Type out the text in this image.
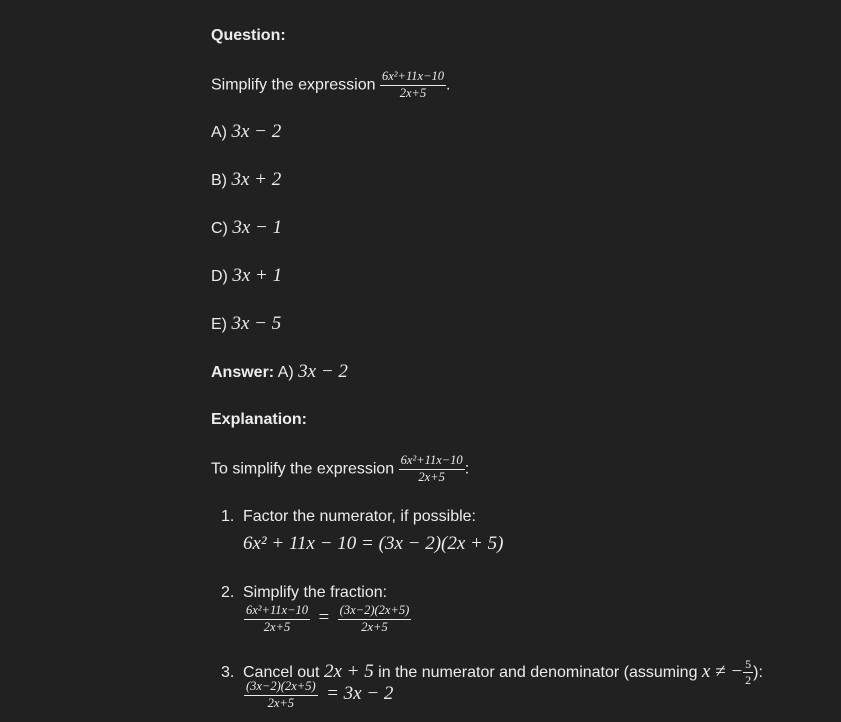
Question:
Simplify the expression $\frac{\text{6x²+11x−10}}{2x+5}$ .
A) 3x − 2
B) 3x + 2
C) 3x − 1
D) 3x + 1
E) 3x − 5
Answer: A) 3x − 2
Explanation:
To simplify the expression $\frac{\text{6x²+11x−10}}{2x+5}$ :
1. Factor the numerator, if possible:
6x² + 11x − 10 = (3x − 2)(2x + 5)
2. Simplify the fraction:
$\frac{\text{6x²+11x−10}}{2x+5} = \frac{(3x-2)(2x+5)}{2x+5}$
3. Cancel out 2x + 5 in the numerator and denominator (assuming x ≠ − $\frac{5}{2}$ ):
$\frac{(3x-2)(2x+5)}{2x+5} = 3x - 2$
